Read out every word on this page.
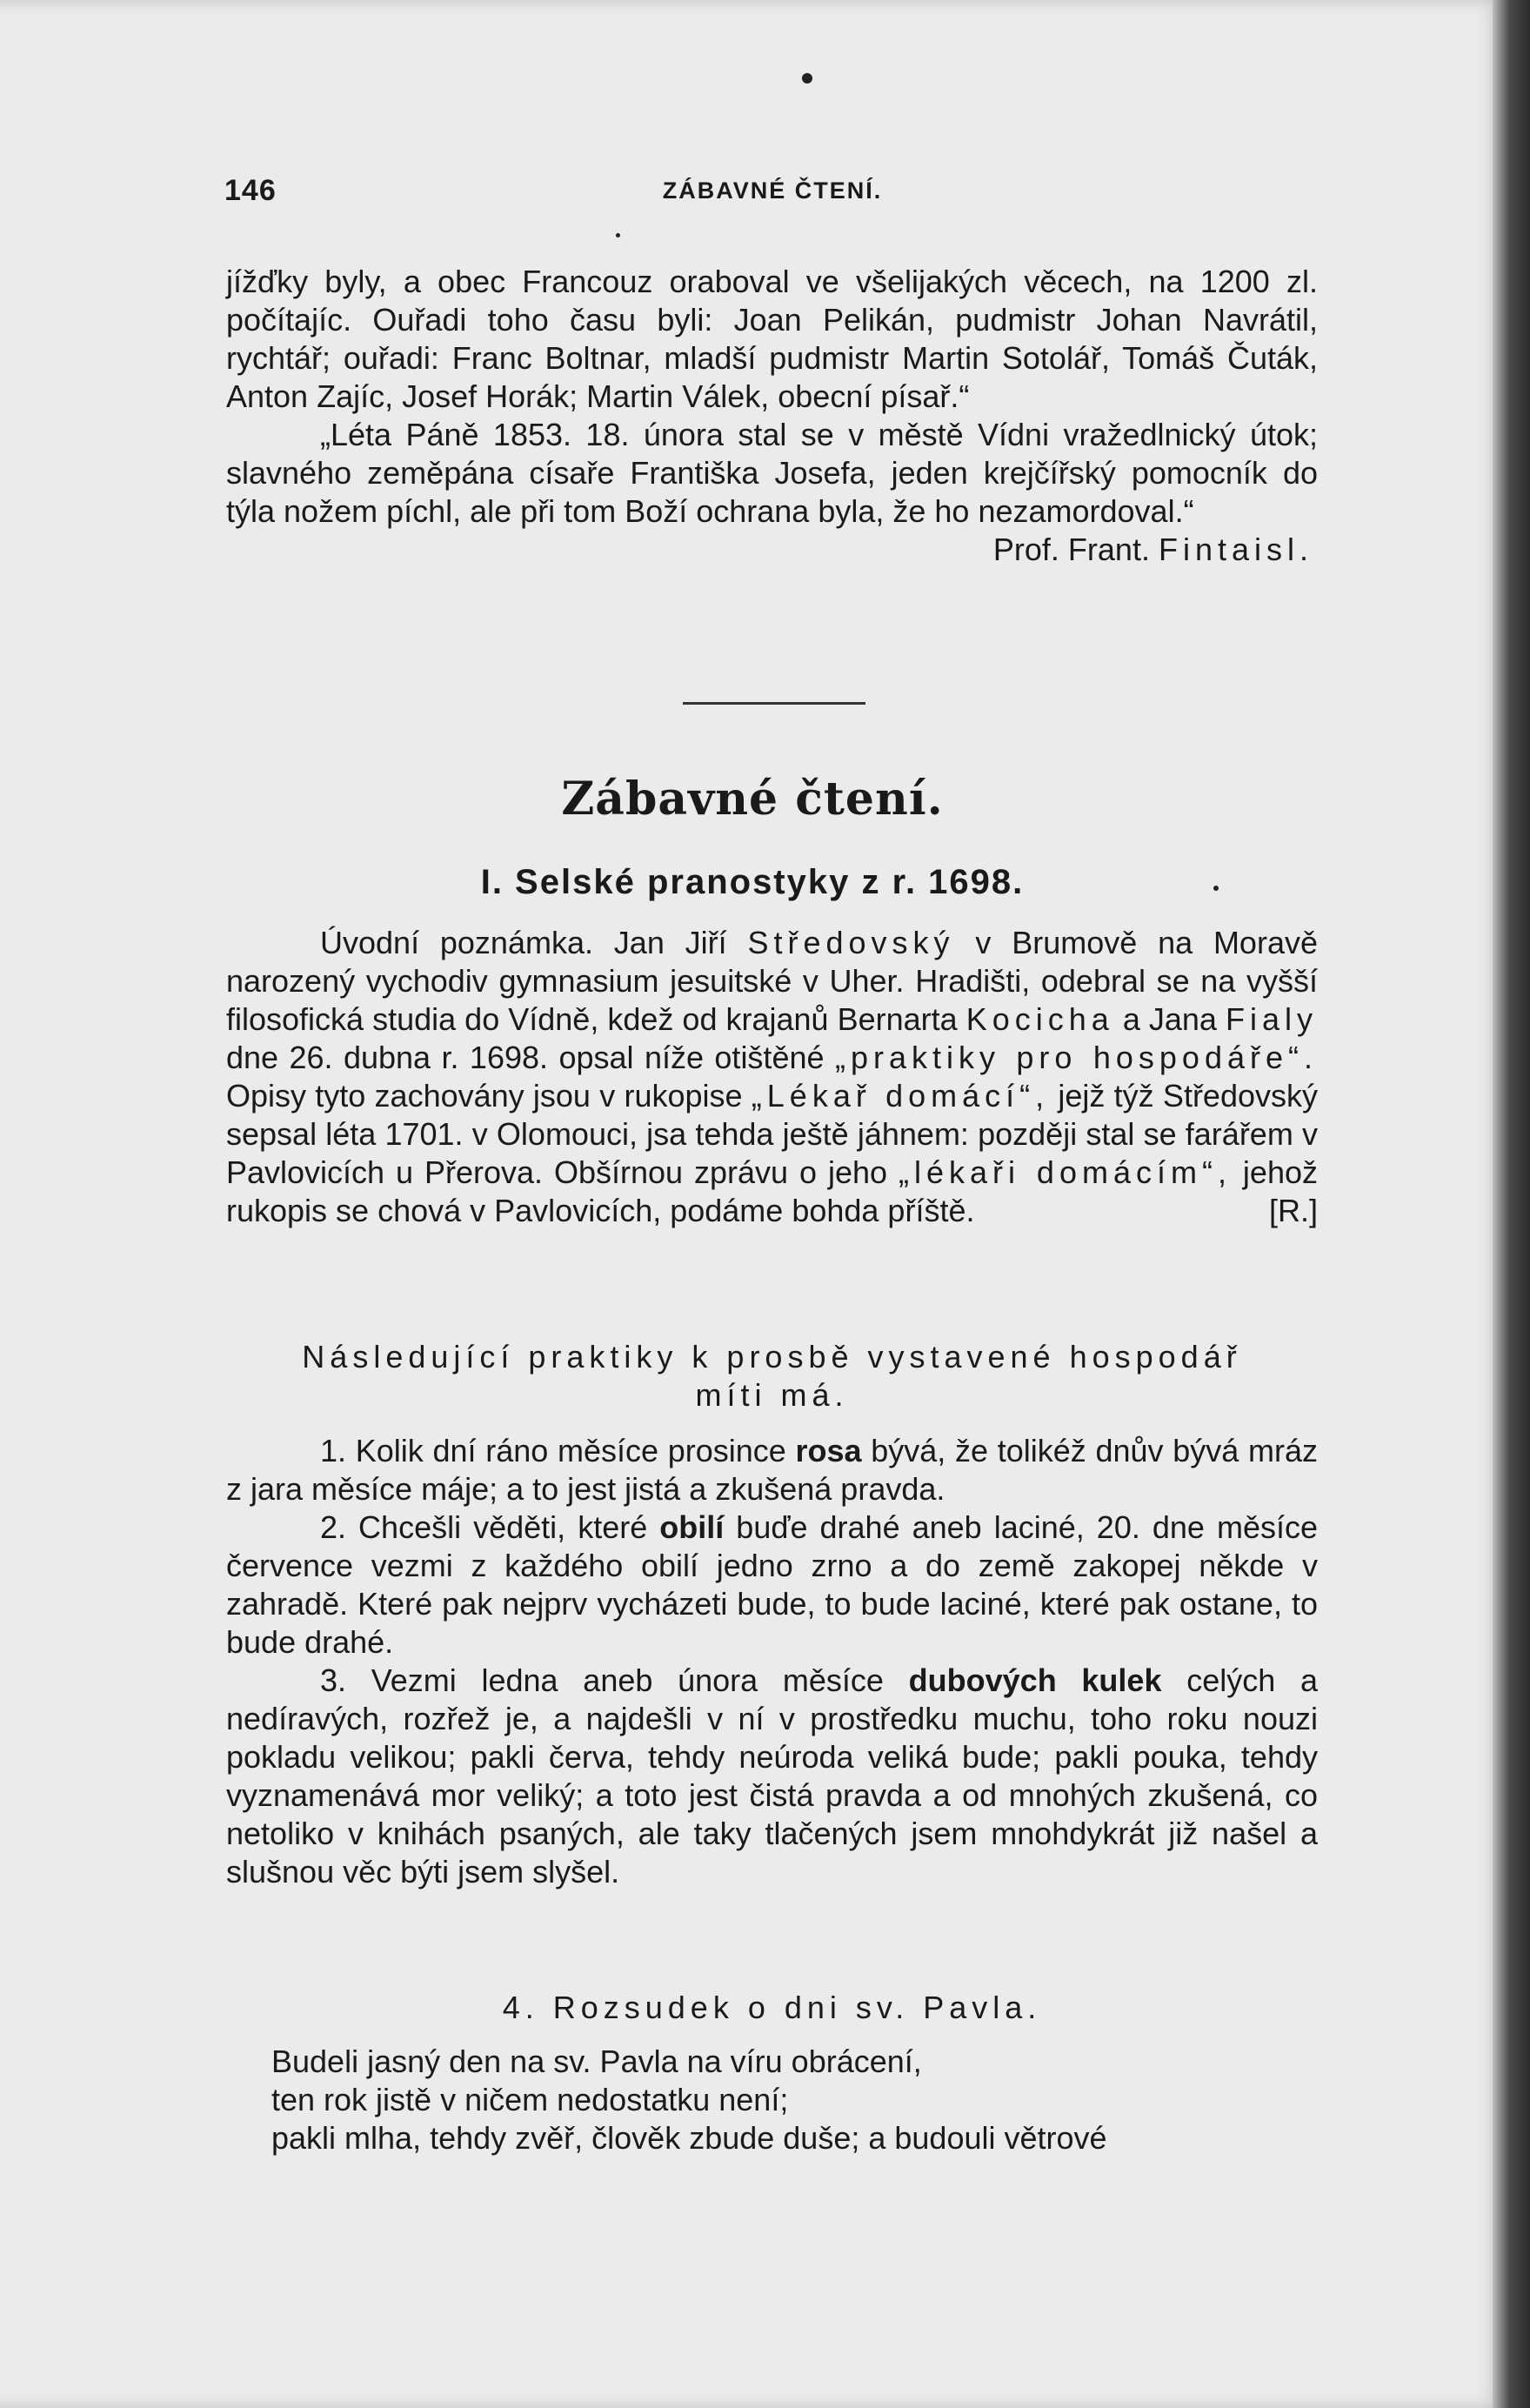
146	ZÁBAVNÉ ČTENÍ.

jížďky byly, a obec Francouz oraboval ve všelijakých věcech, na 1200 zl. počítajíc. Ouřadi toho času byli: Joan Pelikán, pudmistr Johan Navrátil, rychtář; ouřadi: Franc Boltnar, mladší pudmistr Martin Sotolář, Tomáš Čuták, Anton Zajíc, Josef Horák; Martin Válek, obecní písař.“

„Léta Páně 1853. 18. února stal se v městě Vídni vražedlnický útok; slavného zeměpána císaře Františka Josefa, jeden krejčířský pomocník do týla nožem píchl, ale při tom Boží ochrana byla, že ho nezamordoval.“

Prof. Frant. Fintaisl.

Zábavné čtení.
I. Selské pranostyky z r. 1698.

Úvodní poznámka. Jan Jiří Středovský v Brumově na Moravě narozený vychodiv gymnasium jesuitské v Uher. Hradišti, odebral se na vyšší filosofická studia do Vídně, kdež od krajanů Bernarta Kocicha a Jana Fialy dne 26. dubna r. 1698. opsal níže otištěné „praktiky pro hospodáře“. Opisy tyto zachovány jsou v rukopise „Lékař domácí“, jejž týž Středovský sepsal léta 1701. v Olomouci, jsa tehda ještě jáhnem: později stal se farářem v Pavlovicích u Přerova. Obšírnou zprávu o jeho „lékaři domácím“, jehož rukopis se chová v Pavlovicích, podáme bohda příště.	[R.]

Následující praktiky k prosbě vystavené hospodář

míti má.

1. Kolik dní ráno měsíce prosince rosa bývá, že tolikéž dnův bývá mráz z jara měsíce máje; a to jest jistá a zkušená pravda.

2. Chcešli věděti, které obilí buďe drahé aneb laciné, 20. dne měsíce července vezmi z každého obilí jedno zrno a do země zakopej někde v zahradě. Které pak nejprv vycházeti bude, to bude laciné, které pak ostane, to bude drahé.

3. Vezmi ledna aneb února měsíce dubových kulek celých a nedíravých, rozřež je, a najdešli v ní v prostředku muchu, toho roku nouzi pokladu velikou; pakli červa, tehdy neúroda veliká bude; pakli pouka, tehdy vyznamenává mor veliký; a toto jest čistá pravda a od mnohých zkušená, co netoliko v knihách psaných, ale taky tlačených jsem mnohdykrát již našel a slušnou věc býti jsem slyšel.

4. Rozsudek o dni sv. Pavla.

Budeli jasný den na sv. Pavla na víru obrácení,

ten rok jistě v ničem nedostatku není;

pakli mlha, tehdy zvěř, člověk zbude duše; a budouli větrové
